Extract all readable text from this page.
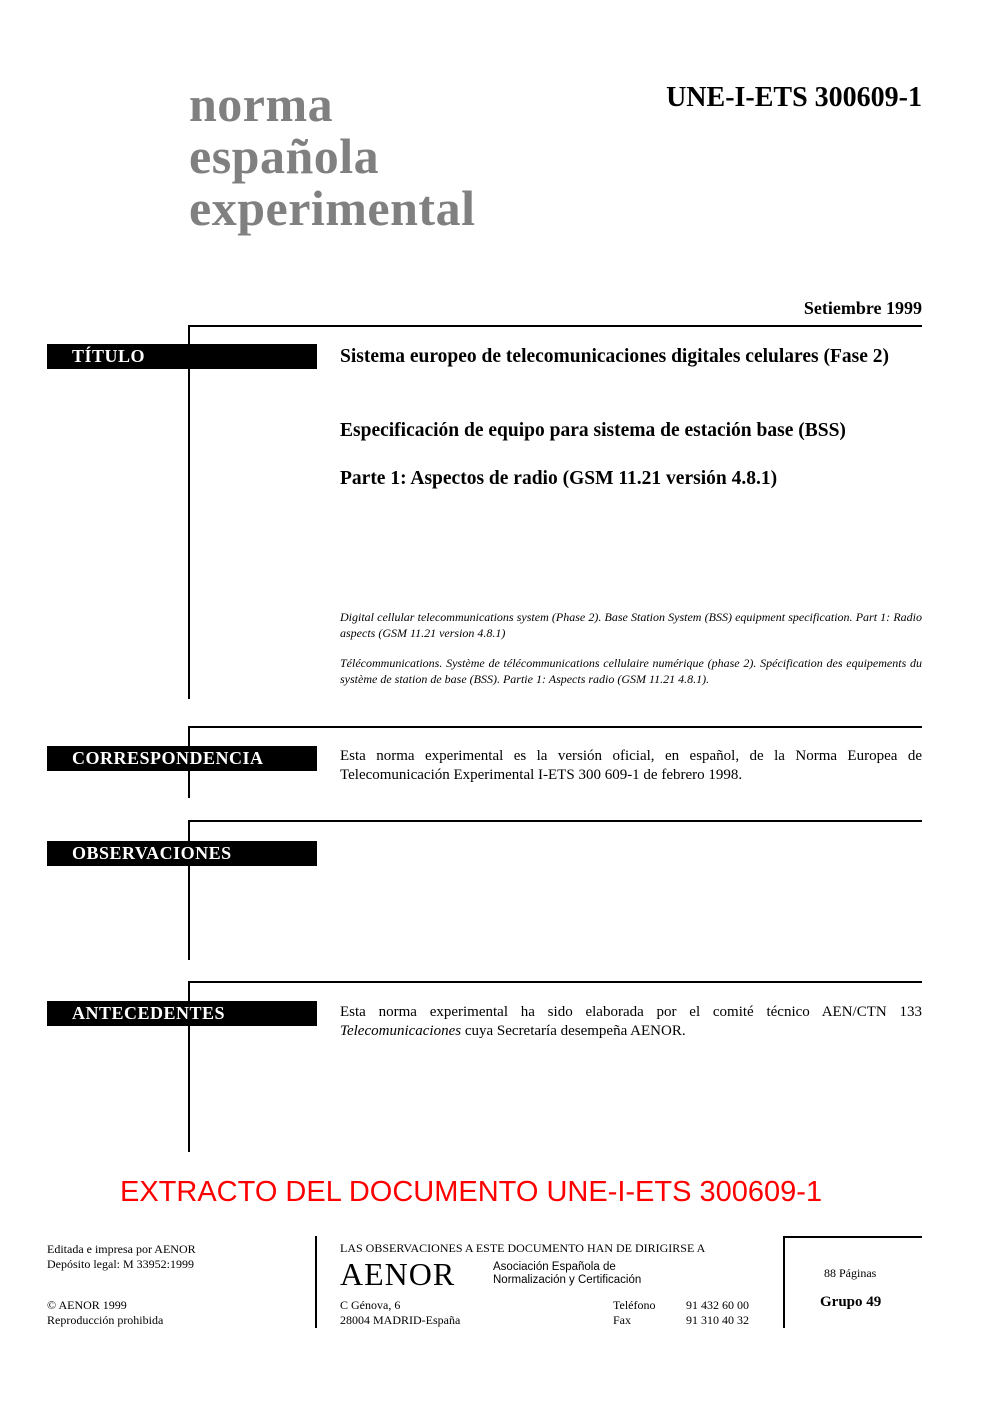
norma
española
experimental
UNE-I-ETS 300609-1
Setiembre 1999
TÍTULO	Sistema europeo de telecomunicaciones digitales celulares (Fase 2)
Especificación de equipo para sistema de estación base (BSS)
Parte 1: Aspectos de radio (GSM 11.21 versión 4.8.1)
Digital cellular telecommunications system (Phase 2). Base Station System (BSS) equipment specification. Part 1: Radio aspects (GSM 11.21 version 4.8.1)
Télécommunications. Système de télécommunications cellulaire numérique (phase 2). Spécification des equipements du système de station de base (BSS). Partie 1: Aspects radio (GSM 11.21 4.8.1).
CORRESPONDENCIA	Esta norma experimental es la versión oficial, en español, de la Norma Europea de Telecomunicación Experimental I-ETS 300 609-1 de febrero 1998.
OBSERVACIONES
ANTECEDENTES	Esta norma experimental ha sido elaborada por el comité técnico AEN/CTN 133 Telecomunicaciones cuya Secretaría desempeña AENOR.
EXTRACTO DEL DOCUMENTO UNE-I-ETS 300609-1
Editada e impresa por AENOR
Depósito legal: M 33952:1999
© AENOR 1999
Reproducción prohibida
LAS OBSERVACIONES A ESTE DOCUMENTO HAN DE DIRIGIRSE A
AENOR	Asociación Española de
Normalización y Certificación
C Génova, 6
28004 MADRID-España
Teléfono	91 432 60 00
Fax	91 310 40 32
88 Páginas
Grupo 49
